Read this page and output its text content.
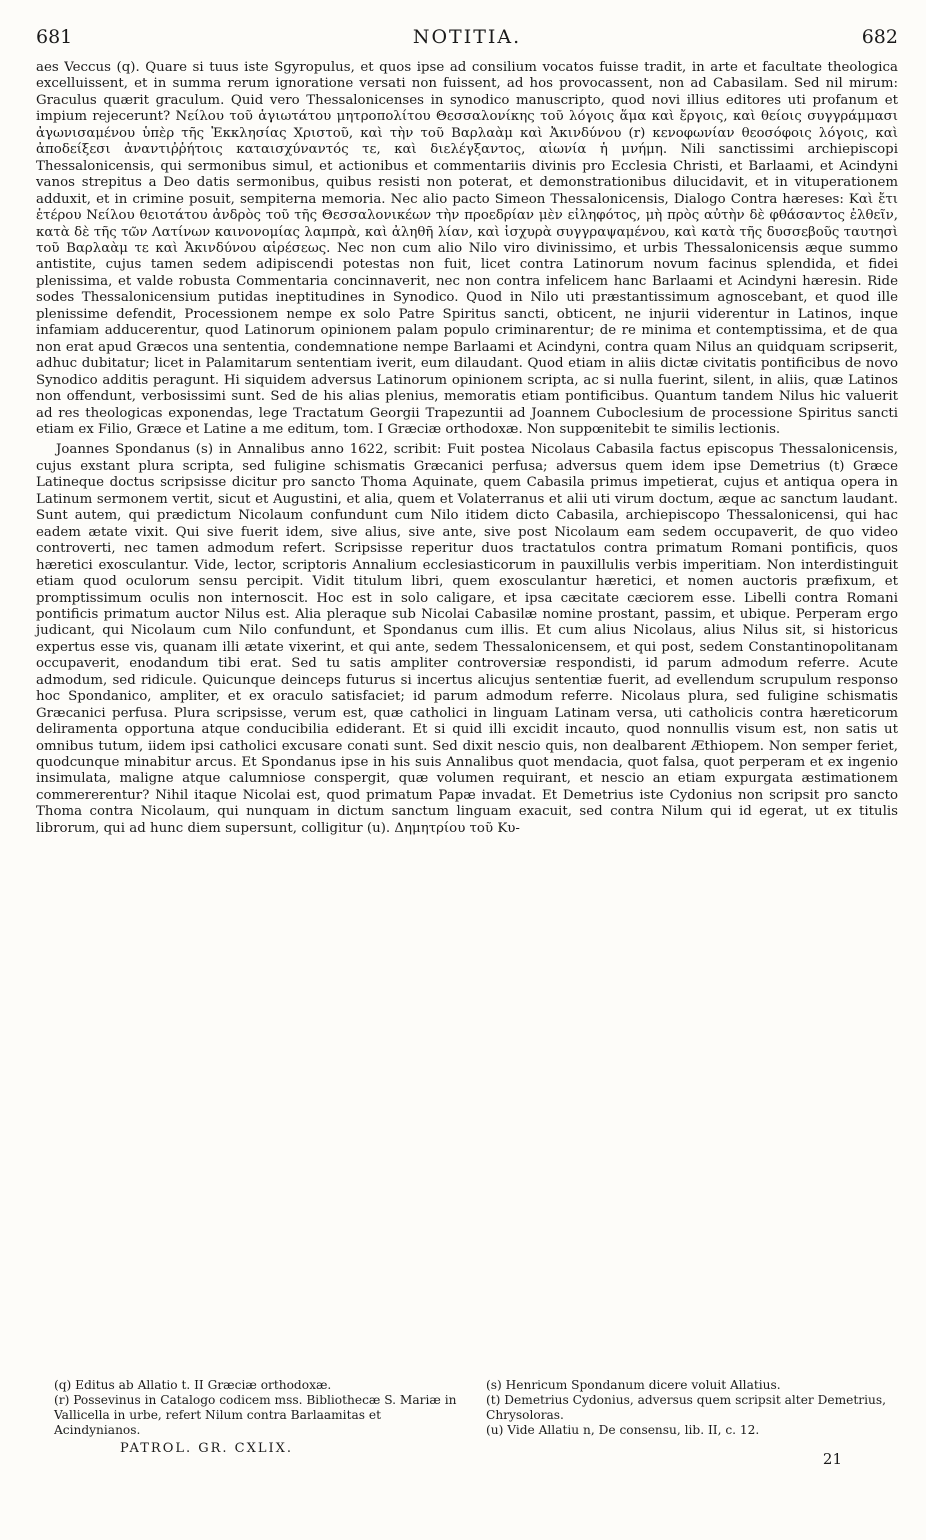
681	NOTITIA.	682

aes Veccus (q). Quare si tuus iste Sgyropulus, et quos ipse ad consilium vocatos fuisse tradit, in arte et facultate theologica excelluissent, et in summa rerum ignoratione versati non fuissent, ad hos provocassent, non ad Cabasilam. Sed nil mirum: Graculus quærit graculum. Quid vero Thessalonicenses in synodico manuscripto, quod novi illius editores uti profanum et impium rejecerunt? Νείλου τοῦ ἁγιωτάτου μητροπολίτου Θεσσαλονίκης τοῦ λόγοις ἅμα καὶ ἔργοις, καὶ θείοις συγγράμμασι ἀγωνισαμένου ὑπὲρ τῆς Ἐκκλησίας Χριστοῦ, καὶ τὴν τοῦ Βαρλαὰμ καὶ Ἀκινδύνου (r) κενοφωνίαν θεοσόφοις λόγοις, καὶ ἀποδείξεσι ἀναντιῤῥήτοις καταισχύναντός τε, καὶ διελέγξαντος, αἰωνία ἡ μνήμη. Nili sanctissimi archiepiscopi Thessalonicensis, qui sermonibus simul, et actionibus et commentariis divinis pro Ecclesia Christi, et Barlaami, et Acindyni vanos strepitus a Deo datis sermonibus, quibus resisti non poterat, et demonstrationibus dilucidavit, et in vituperationem adduxit, et in crimine posuit, sempiterna memoria. Nec alio pacto Simeon Thessalonicensis, Dialogo Contra hæreses: Καὶ ἔτι ἑτέρου Νείλου θειοτάτου ἀνδρὸς τοῦ τῆς Θεσσαλονικέων τὴν προεδρίαν μὲν εἰληφότος, μὴ πρὸς αὐτὴν δὲ φθάσαντος ἐλθεῖν, κατὰ δὲ τῆς τῶν Λατίνων καινονομίας λαμπρὰ, καὶ ἀληθῆ λίαν, καὶ ἰσχυρὰ συγγραψαμένου, καὶ κατὰ τῆς δυσσεβοῦς ταυτησὶ τοῦ Βαρλαὰμ τε καὶ Ἀκινδύνου αἱρέσεως. Nec non cum alio Nilo viro divinissimo, et urbis Thessalonicensis æque summo antistite, cujus tamen sedem adipiscendi potestas non fuit, licet contra Latinorum novum facinus splendida, et fidei plenissima, et valde robusta Commentaria concinnaverit, nec non contra infelicem hanc Barlaami et Acindyni hæresin. Ride sodes Thessalonicensium putidas ineptitudines in Synodico. Quod in Nilo uti præstantissimum agnoscebant, et quod ille plenissime defendit, Processionem nempe ex solo Patre Spiritus sancti, obticent, ne injurii viderentur in Latinos, inque infamiam adducerentur, quod Latinorum opinionem palam populo criminarentur; de re minima et contemptissima, et de qua non erat apud Græcos una sententia, condemnatione nempe Barlaami et Acindyni, contra quam Nilus an quidquam scripserit, adhuc dubitatur; licet in Palamitarum sententiam iverit, eum dilaudant. Quod etiam in aliis dictæ civitatis pontificibus de novo Synodico additis peragunt. Hi siquidem adversus Latinorum opinionem scripta, ac si nulla fuerint, silent, in aliis, quæ Latinos non offendunt, verbosissimi sunt. Sed de his alias plenius, memoratis etiam pontificibus. Quantum tandem Nilus hic valuerit ad res theologicas exponendas, lege Tractatum Georgii Trapezuntii ad Joannem Cuboclesium de processione Spiritus sancti etiam ex Filio, Græce et Latine a me editum, tom. I Græciæ orthodoxæ. Non suppœnitebit te similis lectionis.

Joannes Spondanus (s) in Annalibus anno 1622, scribit: Fuit postea Nicolaus Cabasila factus episcopus Thessalonicensis, cujus exstant plura scripta, sed fuligine schismatis Græcanici perfusa; adversus quem idem ipse Demetrius (t) Græce Latineque doctus scripsisse dicitur pro sancto Thoma Aquinate, quem Cabasila primus impetierat, cujus et antiqua opera in Latinum sermonem vertit, sicut et Augustini, et alia, quem et Volaterranus et alii uti virum doctum, æque ac sanctum laudant. Sunt autem, qui prædictum Nicolaum confundunt cum Nilo itidem dicto Cabasila, archiepiscopo Thessalonicensi, qui hac eadem ætate vixit. Qui sive fuerit idem, sive alius, sive ante, sive post Nicolaum eam sedem occupaverit, de quo video controverti, nec tamen admodum refert. Scripsisse reperitur duos tractatulos contra primatum Romani pontificis, quos hæretici exosculantur. Vide, lector, scriptoris Annalium ecclesiasticorum in pauxillulis verbis imperitiam. Non interdistinguit etiam quod oculorum sensu percipit. Vidit titulum libri, quem exosculantur hæretici, et nomen auctoris præfixum, et promptissimum oculis non internoscit. Hoc est in solo caligare, et ipsa cæcitate cæciorem esse. Libelli contra Romani pontificis primatum auctor Nilus est. Alia pleraque sub Nicolai Cabasilæ nomine prostant, passim, et ubique. Perperam ergo judicant, qui Nicolaum cum Nilo confundunt, et Spondanus cum illis. Et cum alius Nicolaus, alius Nilus sit, si historicus expertus esse vis, quanam illi ætate vixerint, et qui ante, sedem Thessalonicensem, et qui post, sedem Constantinopolitanam occupaverit, enodandum tibi erat. Sed tu satis ampliter controversiæ respondisti, id parum admodum referre. Acute admodum, sed ridicule. Quicunque deinceps futurus si incertus alicujus sententiæ fuerit, ad evellendum scrupulum responso hoc Spondanico, ampliter, et ex oraculo satisfaciet; id parum admodum referre. Nicolaus plura, sed fuligine schismatis Græcanici perfusa. Plura scripsisse, verum est, quæ catholici in linguam Latinam versa, uti catholicis contra hæreticorum deliramenta opportuna atque conducibilia ediderant. Et si quid illi excidit incauto, quod nonnullis visum est, non satis ut omnibus tutum, iidem ipsi catholici excusare conati sunt. Sed dixit nescio quis, non dealbarent Æthiopem. Non semper feriet, quodcunque minabitur arcus. Et Spondanus ipse in his suis Annalibus quot mendacia, quot falsa, quot perperam et ex ingenio insimulata, maligne atque calumniose conspergit, quæ volumen requirant, et nescio an etiam expurgata æstimationem commererentur? Nihil itaque Nicolai est, quod primatum Papæ invadat. Et Demetrius iste Cydonius non scripsit pro sancto Thoma contra Nicolaum, qui nunquam in dictum sanctum linguam exacuit, sed contra Nilum qui id egerat, ut ex titulis librorum, qui ad hunc diem supersunt, colligitur (u). Δημητρίου τοῦ Κυ-

(q) Editus ab Allatio t. II Græciæ orthodoxæ.

(r) Possevinus in Catalogo codicem mss. Bibliothecæ S. Mariæ in Vallicella in urbe, refert Nilum contra Barlaamitas et Acindynianos.

(s) Henricum Spondanum dicere voluit Allatius.

(t) Demetrius Cydonius, adversus quem scripsit alter Demetrius, Chrysoloras.

(u) Vide Allatiu n, De consensu, lib. II, c. 12.

PATROL. GR. CXLIX.
21
